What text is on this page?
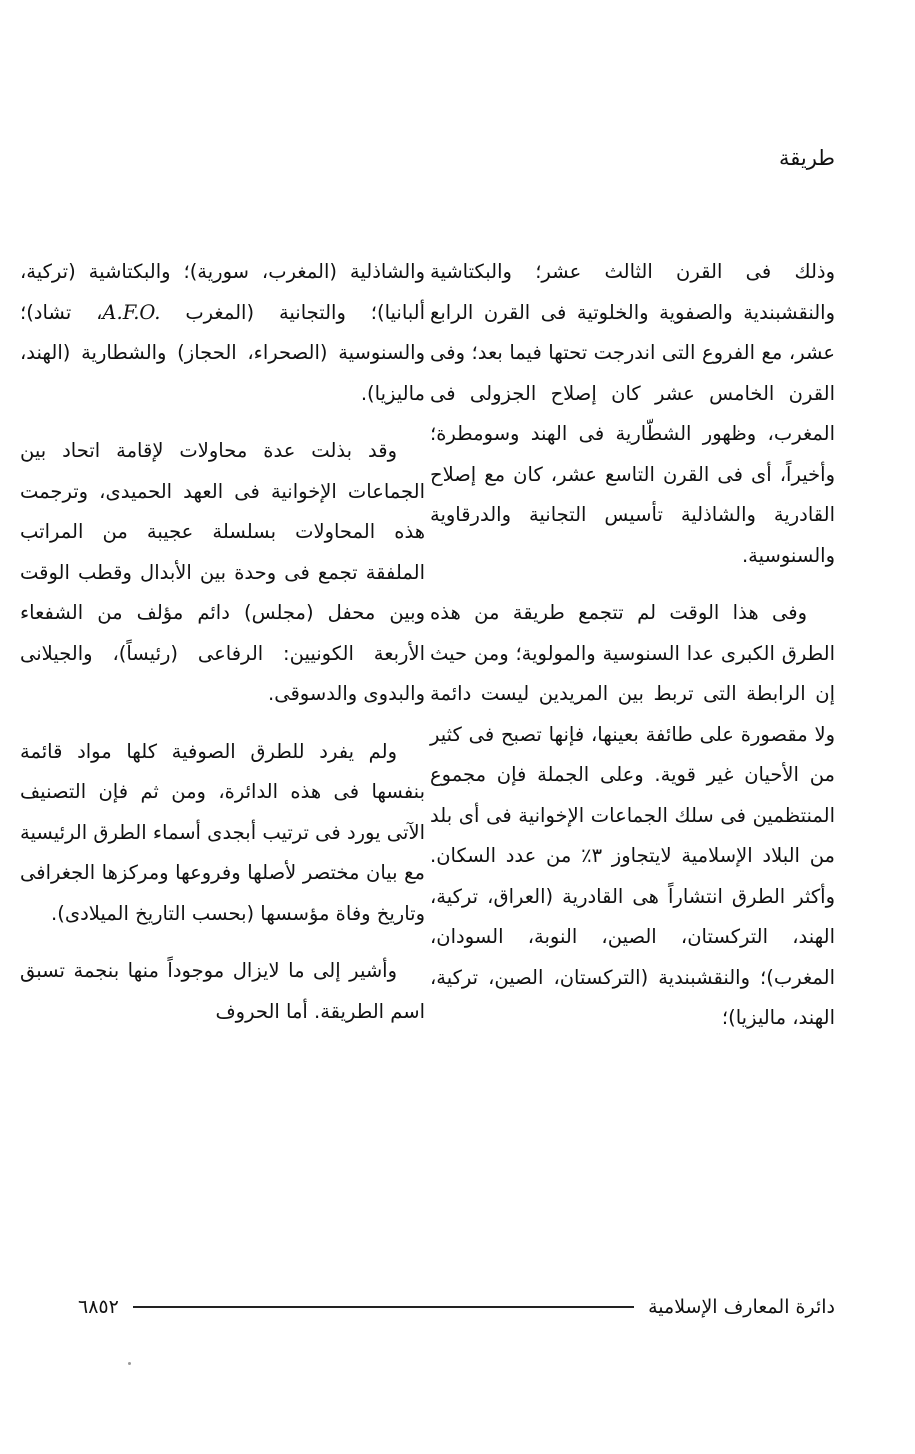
طريقة

وذلك فى القرن الثالث عشر؛ والبكتاشية والنقشبندية والصفوية والخلوتية فى القرن الرابع عشر، مع الفروع التى اندرجت تحتها فيما بعد؛ وفى القرن الخامس عشر كان إصلاح الجزولى فى المغرب، وظهور الشطّارية فى الهند وسومطرة؛ وأخيراً، أى فى القرن التاسع عشر، كان مع إصلاح القادرية والشاذلية تأسيس التجانية والدرقاوية والسنوسية.

وفى هذا الوقت لم تتجمع طريقة من هذه الطرق الكبرى عدا السنوسية والمولوية؛ ومن حيث إن الرابطة التى تربط بين المريدين ليست دائمة ولا مقصورة على طائفة بعينها، فإنها تصبح فى كثير من الأحيان غير قوية. وعلى الجملة فإن مجموع المنتظمين فى سلك الجماعات الإخوانية فى أى بلد من البلاد الإسلامية لايتجاوز ٣٪ من عدد السكان. وأكثر الطرق انتشاراً هى القادرية (العراق، تركية، الهند، التركستان، الصين، النوبة، السودان، المغرب)؛ والنقشبندية (التركستان، الصين، تركية، الهند، ماليزيا)؛

والشاذلية (المغرب، سورية)؛ والبكتاشية (تركية، ألبانيا)؛ والتجانية (المغرب A.F.O.، تشاد)؛ والسنوسية (الصحراء، الحجاز) والشطارية (الهند، ماليزيا).

وقد بذلت عدة محاولات لإقامة اتحاد بين الجماعات الإخوانية فى العهد الحميدى، وترجمت هذه المحاولات بسلسلة عجيبة من المراتب الملفقة تجمع فى وحدة بين الأبدال وقطب الوقت وبين محفل (مجلس) دائم مؤلف من الشفعاء الأربعة الكونيين: الرفاعى (رئيساً)، والجيلانى والبدوى والدسوقى.

ولم يفرد للطرق الصوفية كلها مواد قائمة بنفسها فى هذه الدائرة، ومن ثم فإن التصنيف الآتى يورد فى ترتيب أبجدى أسماء الطرق الرئيسية مع بيان مختصر لأصلها وفروعها ومركزها الجغرافى وتاريخ وفاة مؤسسها (بحسب التاريخ الميلادى).

وأشير إلى ما لايزال موجوداً منها بنجمة تسبق اسم الطريقة. أما الحروف

دائرة المعارف الإسلامية
٦٨٥٢
